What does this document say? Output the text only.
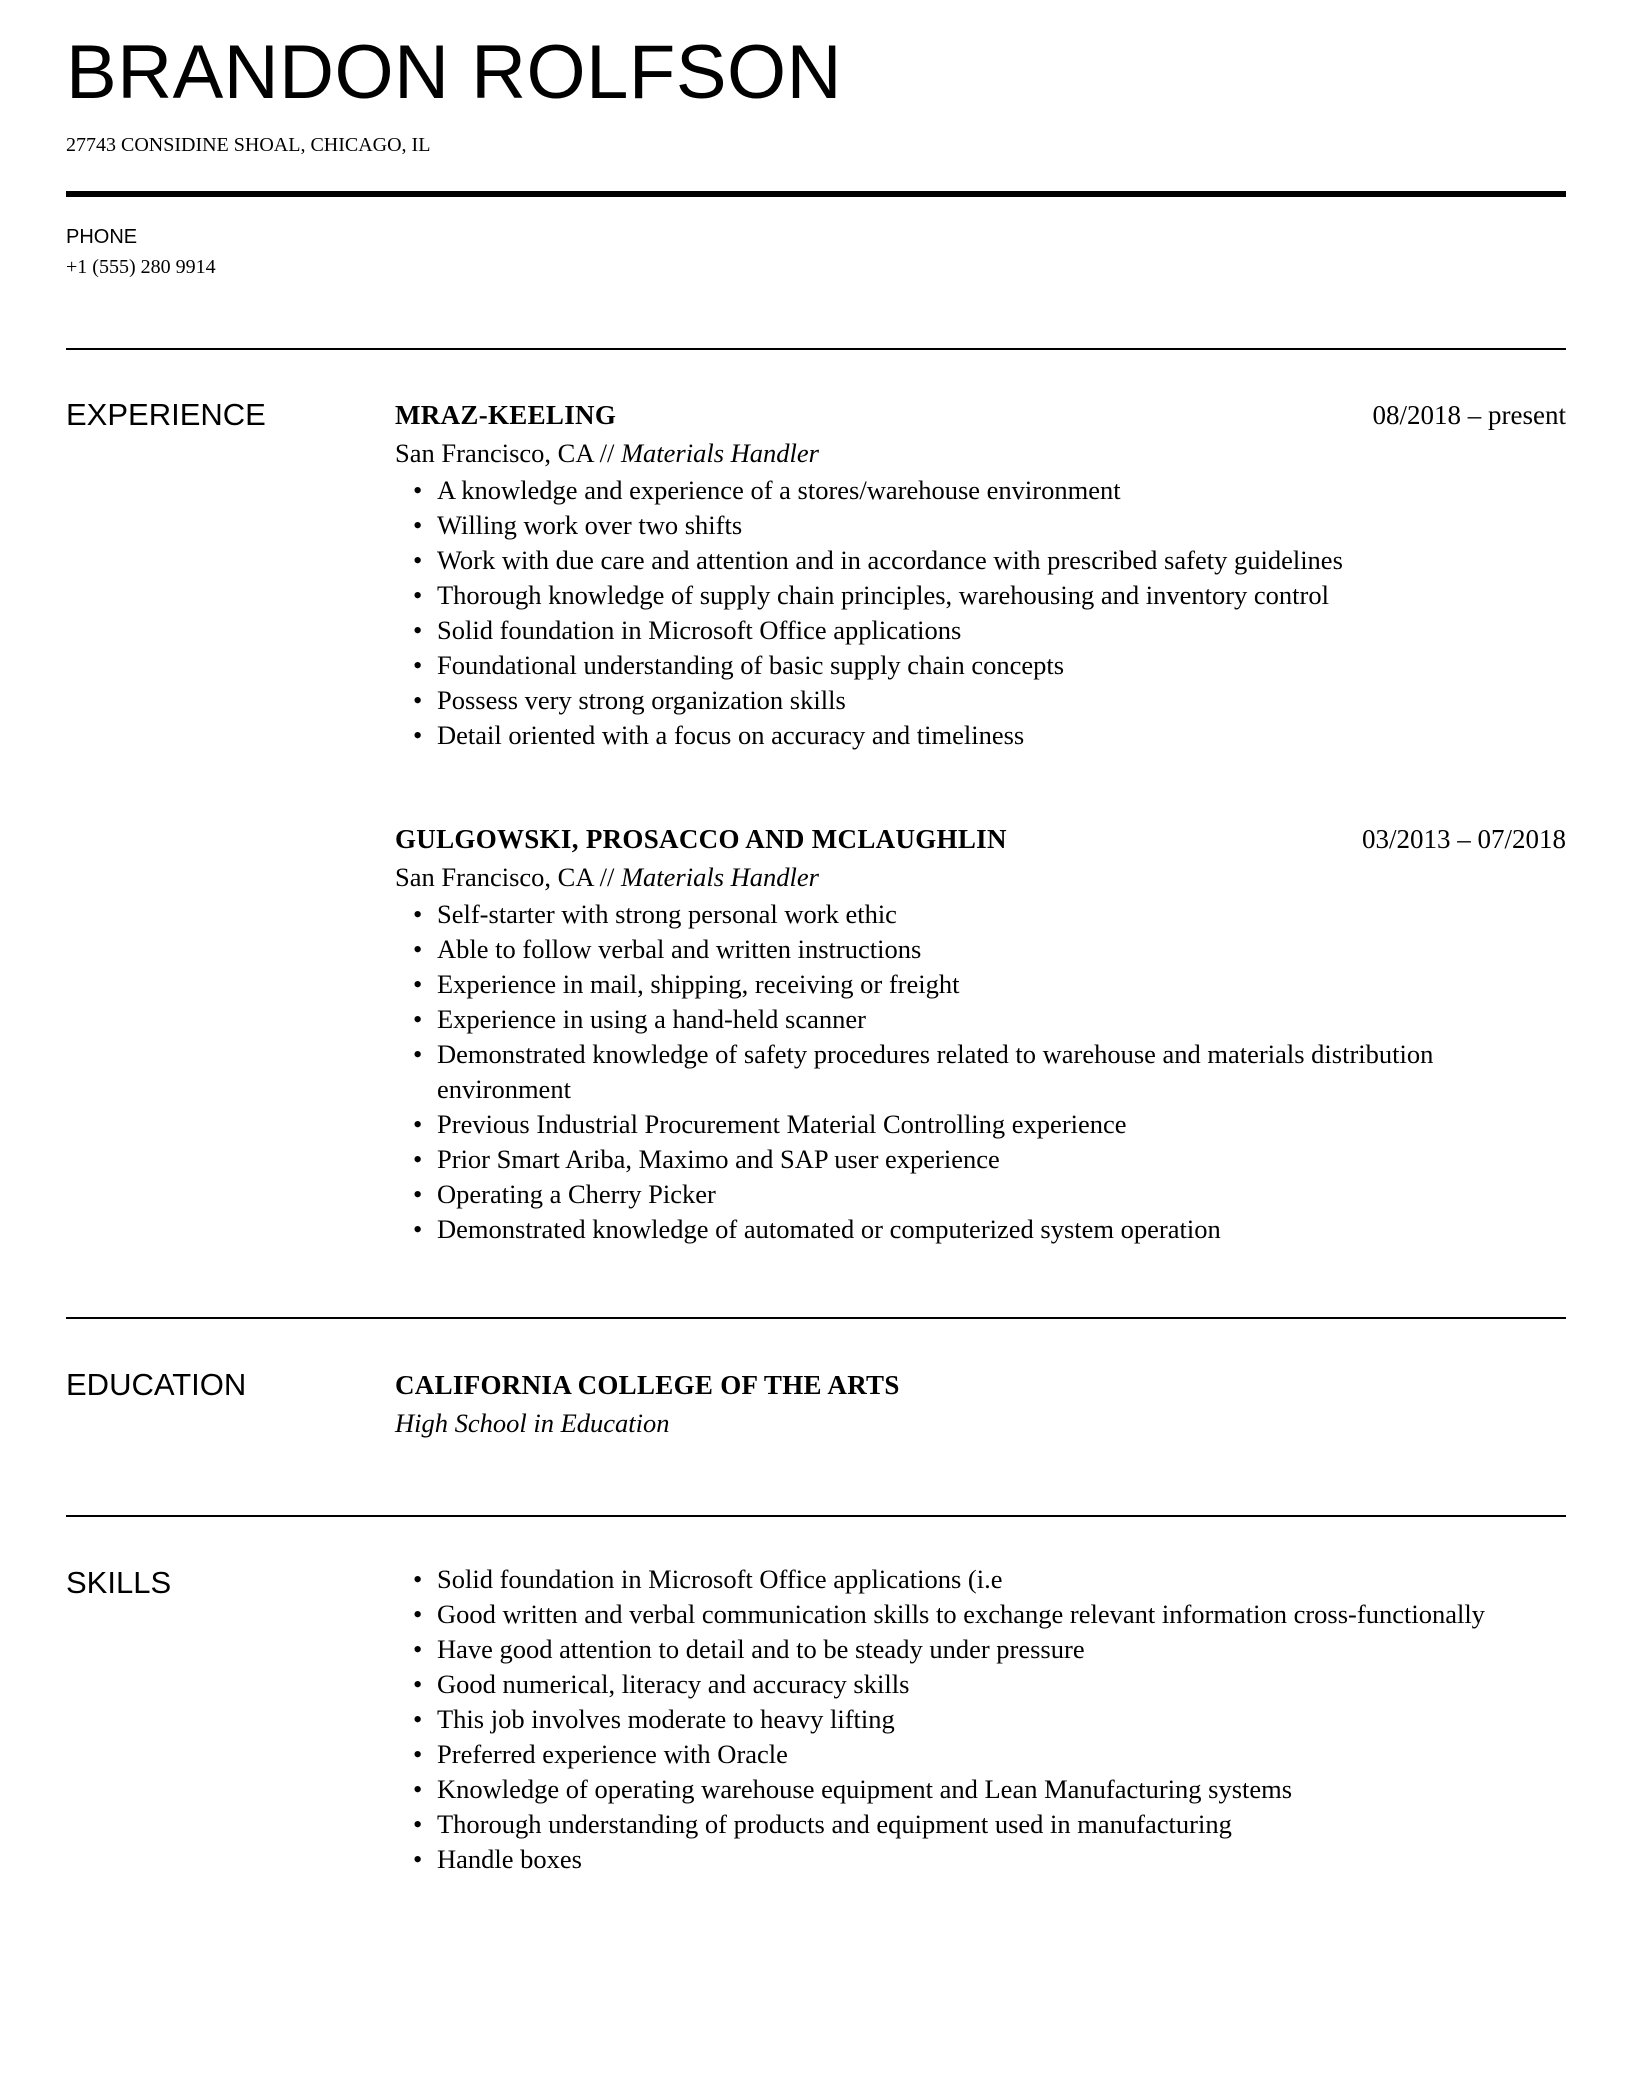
BRANDON ROLFSON
27743 CONSIDINE SHOAL, CHICAGO, IL
PHONE
+1 (555) 280 9914
EXPERIENCE	MRAZ-KEELING	08/2018 – present
San Francisco, CA // Materials Handler
• A knowledge and experience of a stores/warehouse environment
• Willing work over two shifts
• Work with due care and attention and in accordance with prescribed safety guidelines
• Thorough knowledge of supply chain principles, warehousing and inventory control
• Solid foundation in Microsoft Office applications
• Foundational understanding of basic supply chain concepts
• Possess very strong organization skills
• Detail oriented with a focus on accuracy and timeliness
GULGOWSKI, PROSACCO AND MCLAUGHLIN	03/2013 – 07/2018
San Francisco, CA // Materials Handler
• Self-starter with strong personal work ethic
• Able to follow verbal and written instructions
• Experience in mail, shipping, receiving or freight
• Experience in using a hand-held scanner
• Demonstrated knowledge of safety procedures related to warehouse and materials distribution environment
• Previous Industrial Procurement Material Controlling experience
• Prior Smart Ariba, Maximo and SAP user experience
• Operating a Cherry Picker
• Demonstrated knowledge of automated or computerized system operation
EDUCATION	CALIFORNIA COLLEGE OF THE ARTS
High School in Education
SKILLS
•	Solid foundation in Microsoft Office applications (i.e
• Good written and verbal communication skills to exchange relevant information cross-functionally
• Have good attention to detail and to be steady under pressure
• Good numerical, literacy and accuracy skills
• This job involves moderate to heavy lifting
• Preferred experience with Oracle
• Knowledge of operating warehouse equipment and Lean Manufacturing systems
• Thorough understanding of products and equipment used in manufacturing
• Handle boxes
